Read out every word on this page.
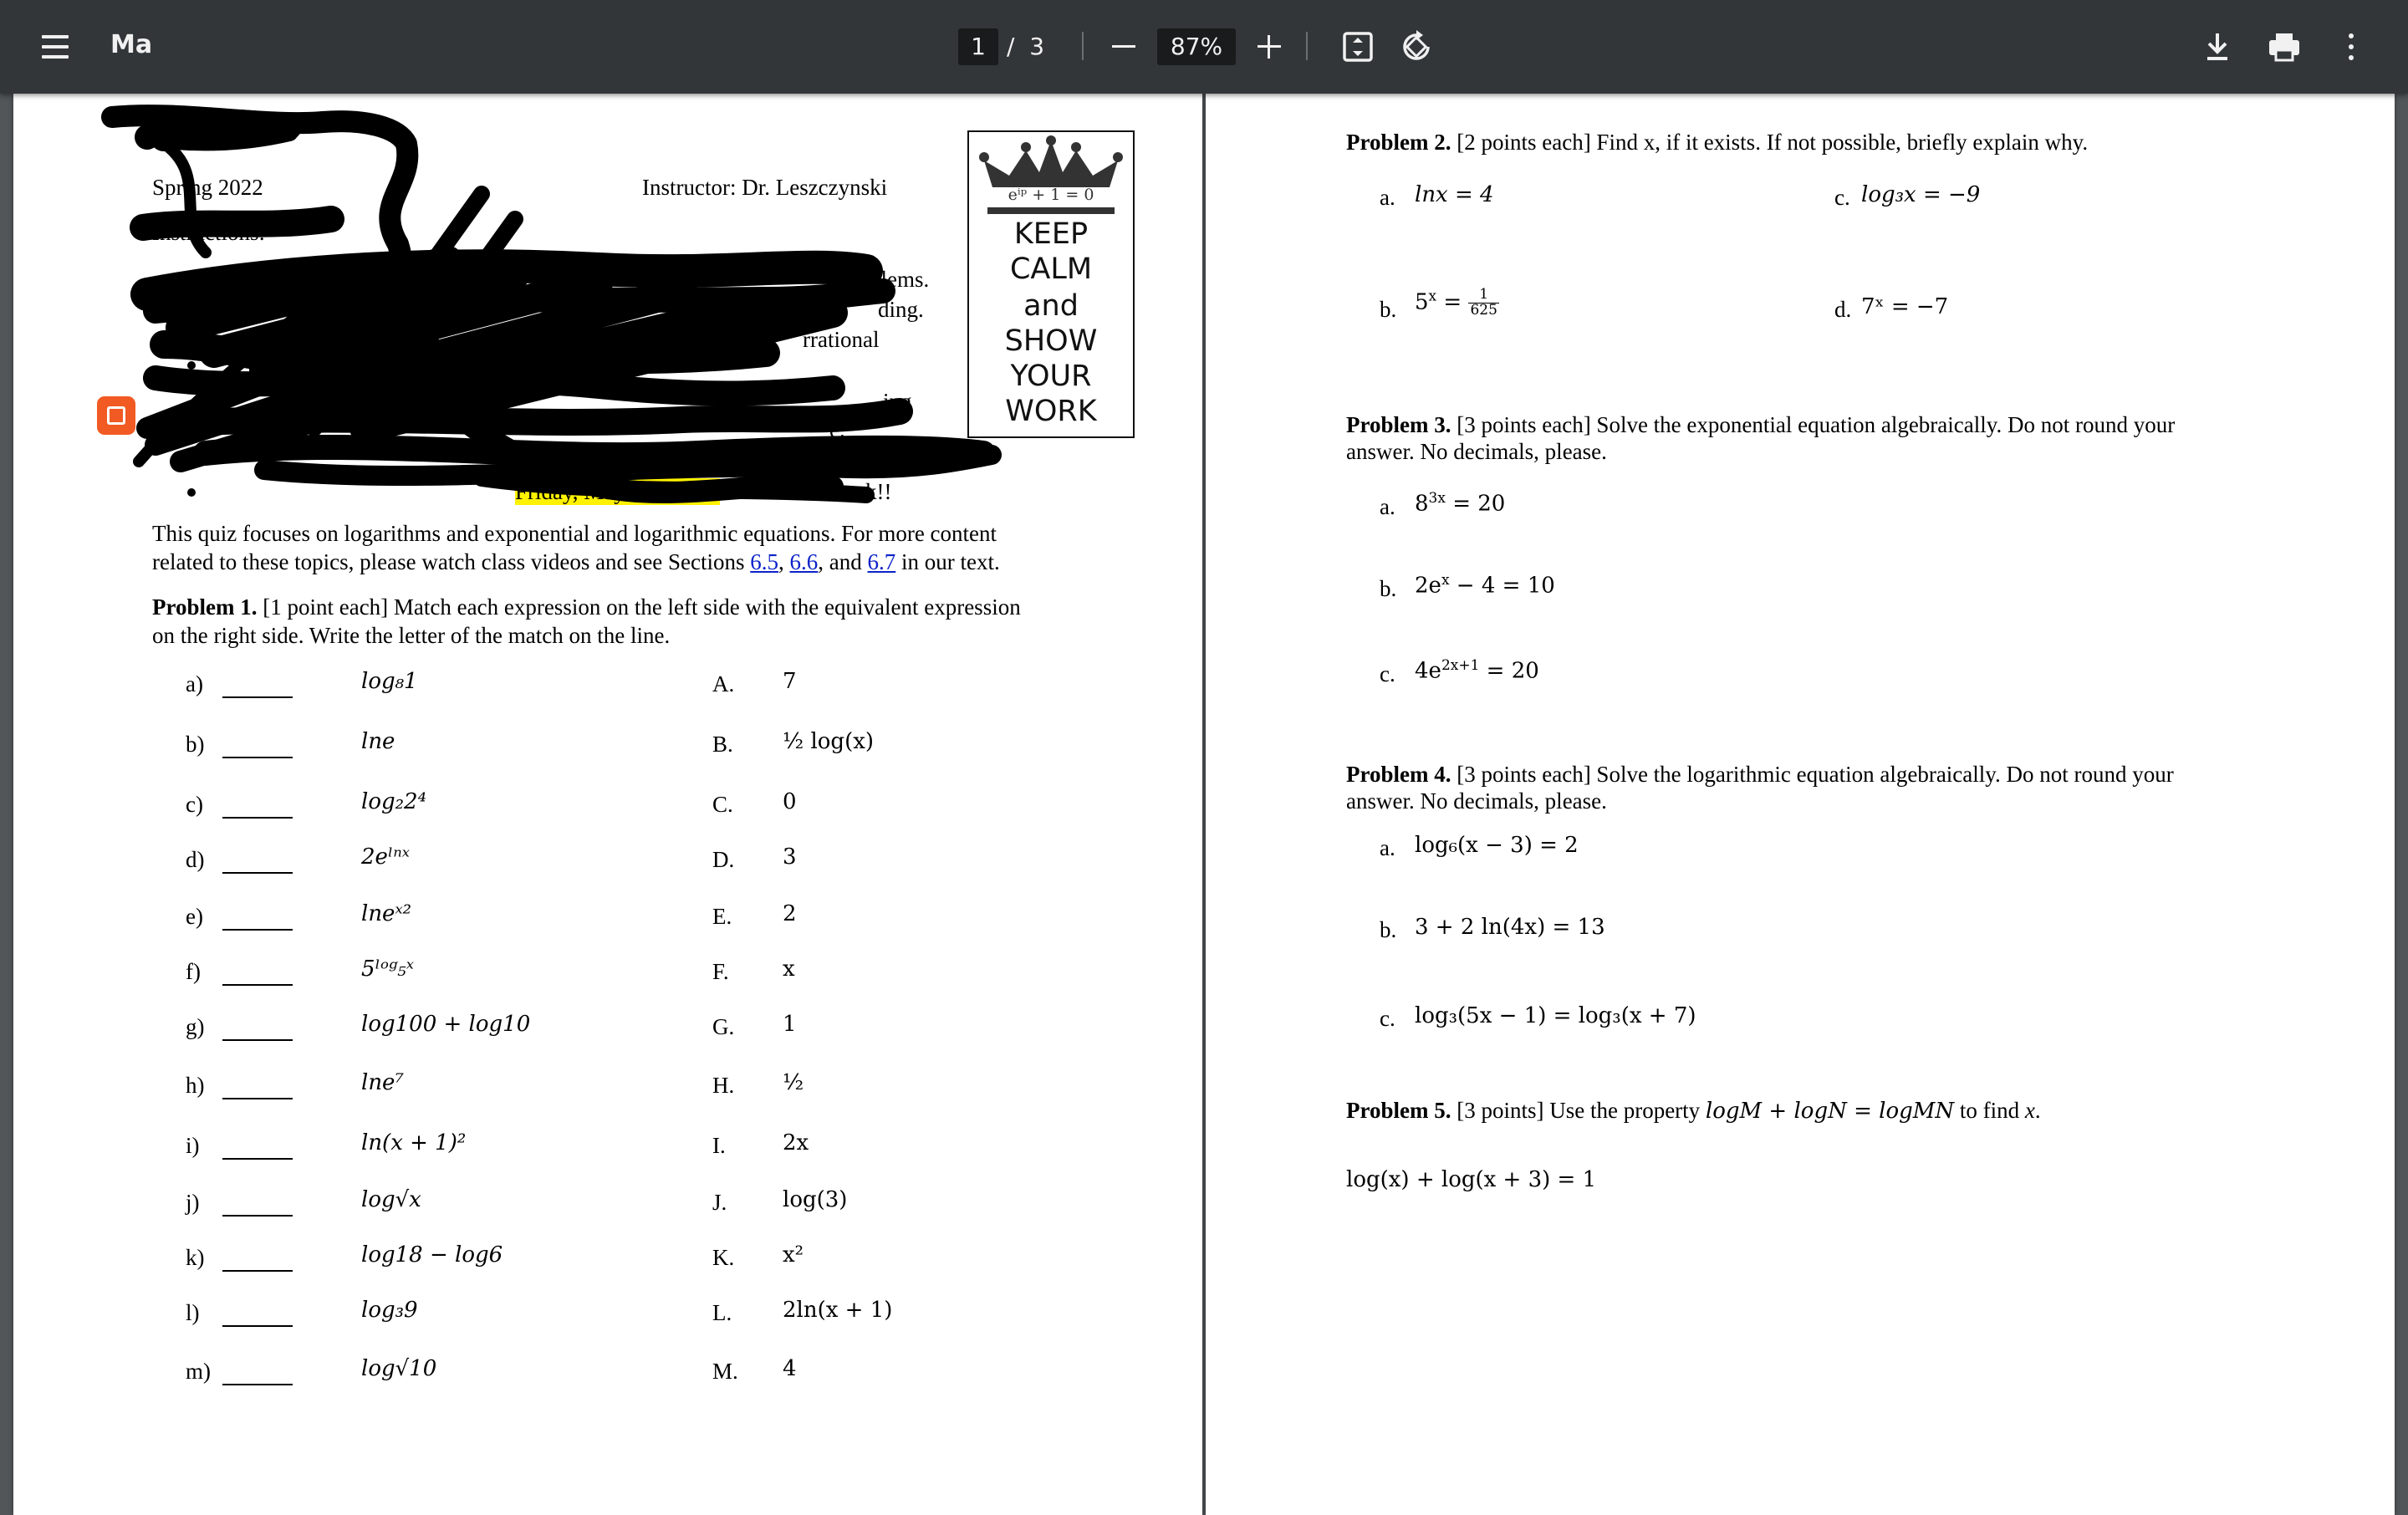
Ma	1 / 3	87%
Spring 2022	Instructor: Dr. Leszczynski
Instructions:
blems.
ding.
rrational
ing
e.
/Assign
Friday, May 6 at 11:59	rk!!
eⁱᵖ + 1 = 0
KEEP
CALM
and
SHOW
YOUR
WORK
This quiz focuses on logarithms and exponential and logarithmic equations. For more content
related to these topics, please watch class videos and see Sections 6.5, 6.6, and 6.7 in our text.
Problem 1. [1 point each] Match each expression on the left side with the equivalent expression
on the right side. Write the letter of the match on the line.
a)	log₈1	A. 7
b)	lne	B. ½ log(x)
c)	log₂2⁴	C. 0
d)	2eˡⁿˣ	D. 3
e)	lneˣ²	E. 2
f)	5ˡᵒᵍ₅ˣ	F. x
g)	log100 + log10	G. 1
h)	lne⁷	H. ½
i)	ln(x + 1)²	I.	2x
j)	log√x	J.	log(3)
k)	log18 − log6	K. x²
l)	log₃9	L. 2ln(x + 1)
m)	log√10	M. 4
Problem 2. [2 points each] Find x, if it exists. If not possible, briefly explain why.
a. lnx = 4	c. log₃x = −9
b. $5^x = \frac{1}{625}$	d. 7ˣ = −7
Problem 3. [3 points each] Solve the exponential equation algebraically. Do not round your
answer. No decimals, please.
a. $8^{3x} = 20$
b. $2e^x - 4 = 10$
c. $4e^{2x+1} = 20$
Problem 4. [3 points each] Solve the logarithmic equation algebraically. Do not round your
answer. No decimals, please.
a. log₆(x − 3) = 2
b. 3 + 2 ln(4x) = 13
c. log₃(5x − 1) = log₃(x + 7)
Problem 5. [3 points] Use the property logM + logN = logMN to find x.
log(x) + log(x + 3) = 1
